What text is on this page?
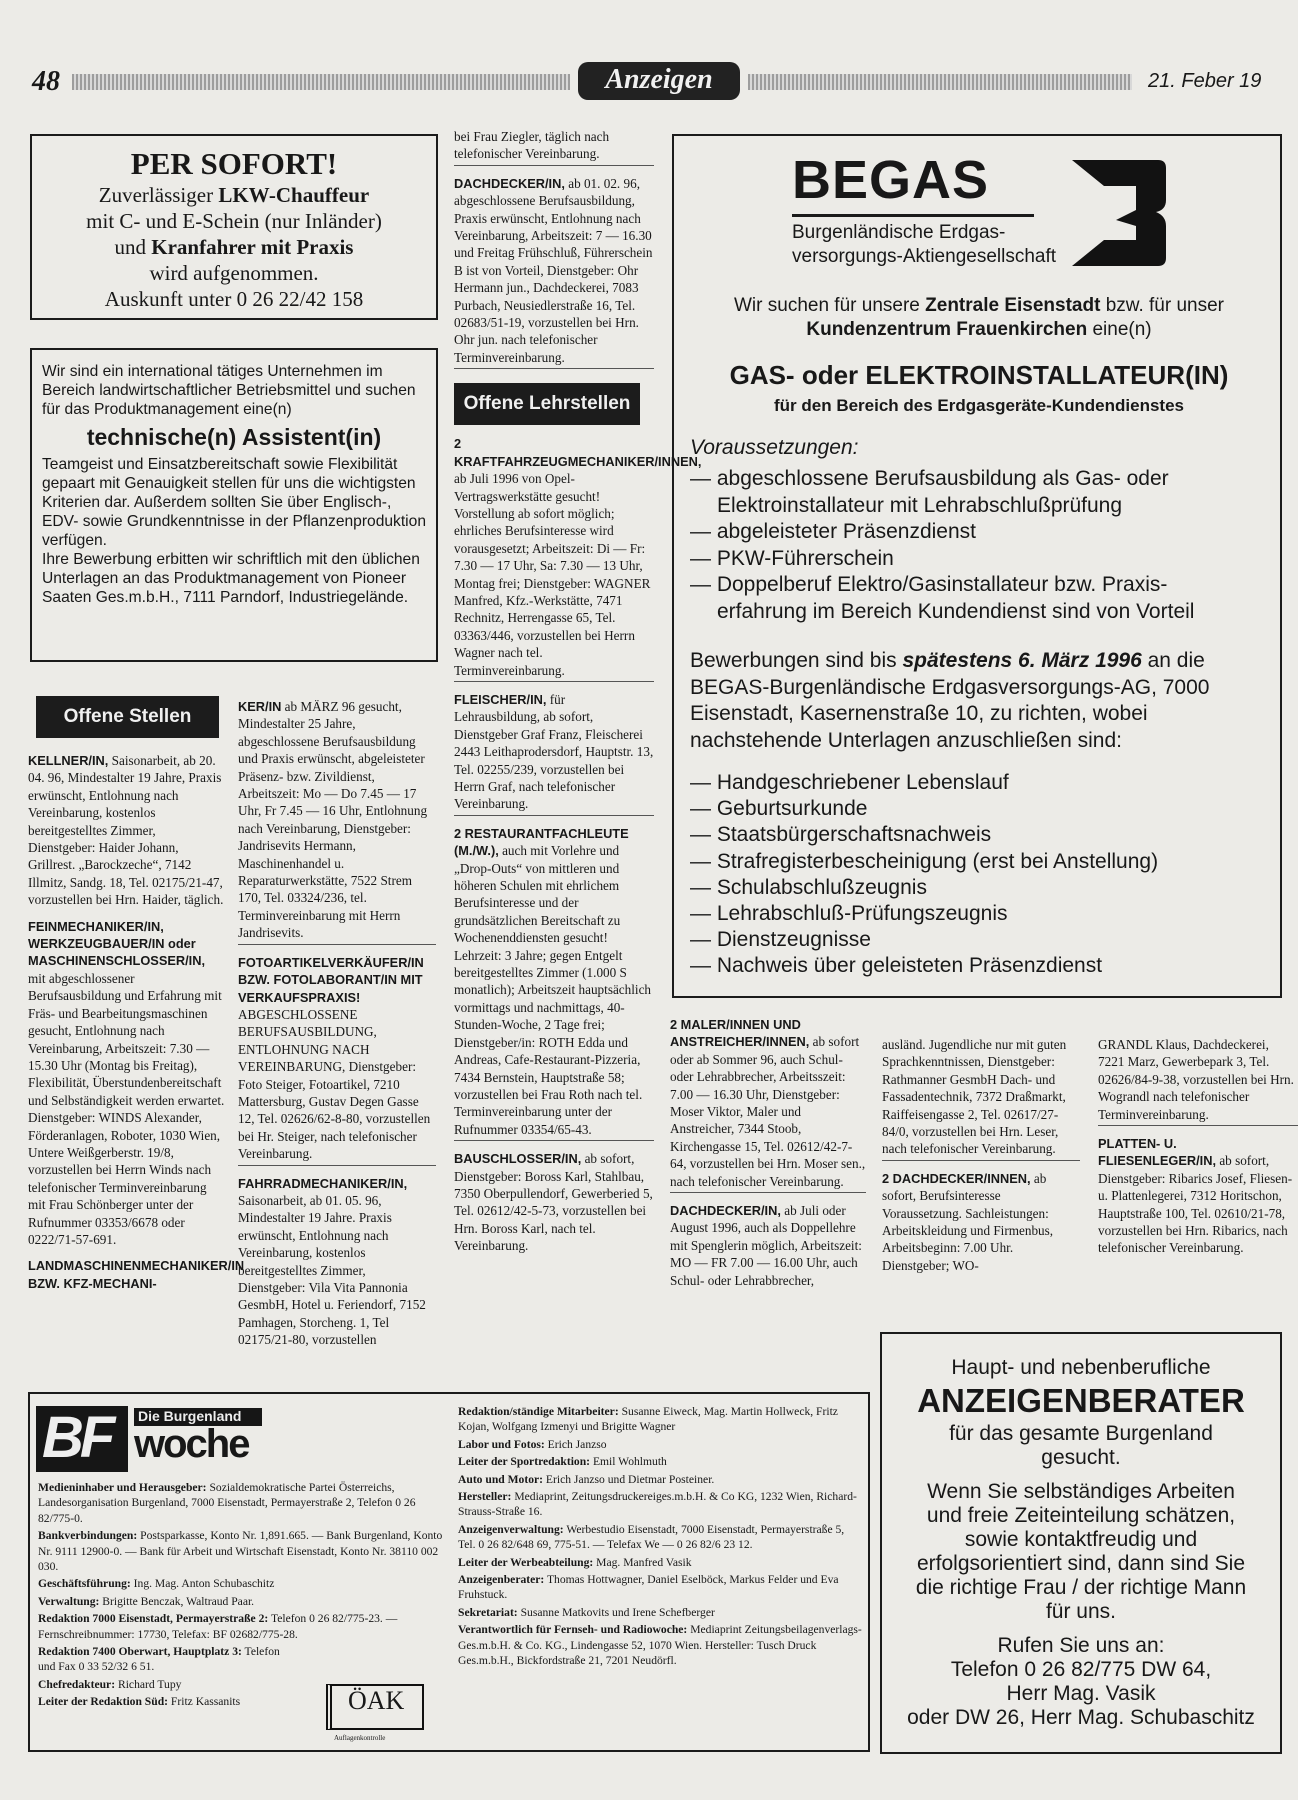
48	Anzeigen	21. Feber 19
PER SOFORT!
Zuverlässiger LKW-Chauffeur
mit C- und E-Schein (nur Inländer)
und Kranfahrer mit Praxis
wird aufgenommen.
Auskunft unter 0 26 22/42 158
Wir sind ein international tätiges Unternehmen im Bereich landwirtschaftlicher Betriebsmittel und suchen für das Produktmanagement eine(n)
technische(n) Assistent(in)
Teamgeist und Einsatzbereitschaft sowie Flexibilität gepaart mit Genauigkeit stellen für uns die wichtigsten Kriterien dar. Außerdem sollten Sie über Englisch-, EDV- sowie Grundkenntnisse in der Pflanzenproduktion verfügen.
Ihre Bewerbung erbitten wir schriftlich mit den üblichen Unterlagen an das Produktmanagement von Pioneer Saaten Ges.m.b.H., 7111 Parndorf, Industriegelände.
Offene Stellen

KELLNER/IN, Saisonarbeit, ab 20. 04. 96, Mindestalter 19 Jahre, Praxis erwünscht, Entlohnung nach Vereinbarung, kostenlos bereitgestelltes Zimmer, Dienstgeber: Haider Johann, Grillrest. „Barockzeche“, 7142 Illmitz, Sandg. 18, Tel. 02175/21-47, vorzustellen bei Hrn. Haider, täglich.

FEINMECHANIKER/IN, WERKZEUGBAUER/IN oder MASCHINENSCHLOSSER/IN, mit abgeschlossener Berufsausbildung und Erfahrung mit Fräs- und Bearbeitungsmaschinen gesucht, Entlohnung nach Vereinbarung, Arbeitszeit: 7.30 — 15.30 Uhr (Montag bis Freitag), Flexibilität, Überstundenbereitschaft und Selbständigkeit werden erwartet. Dienstgeber: WINDS Alexander, Förderanlagen, Roboter, 1030 Wien, Untere Weißgerberstr. 19/8, vorzustellen bei Herrn Winds nach telefonischer Terminvereinbarung mit Frau Schönberger unter der Rufnummer 03353/6678 oder 0222/71-57-691.

LANDMASCHINENMECHANIKER/IN BZW. KFZ-MECHANI-

KER/IN ab MÄRZ 96 gesucht, Mindestalter 25 Jahre, abgeschlossene Berufsausbildung und Praxis erwünscht, abgeleisteter Präsenz- bzw. Zivildienst, Arbeitszeit: Mo — Do 7.45 — 17 Uhr, Fr 7.45 — 16 Uhr, Entlohnung nach Vereinbarung, Dienstgeber: Jandrisevits Hermann, Maschinenhandel u. Reparaturwerkstätte, 7522 Strem 170, Tel. 03324/236, tel. Terminvereinbarung mit Herrn Jandrisevits.

FOTOARTIKELVERKÄUFER/IN BZW. FOTOLABORANT/IN MIT VERKAUFSPRAXIS! ABGESCHLOSSENE BERUFSAUSBILDUNG, ENTLOHNUNG NACH VEREINBARUNG, Dienstgeber: Foto Steiger, Fotoartikel, 7210 Mattersburg, Gustav Degen Gasse 12, Tel. 02626/62-8-80, vorzustellen bei Hr. Steiger, nach telefonischer Vereinbarung.

FAHRRADMECHANIKER/IN, Saisonarbeit, ab 01. 05. 96, Mindestalter 19 Jahre. Praxis erwünscht, Entlohnung nach Vereinbarung, kostenlos bereitgestelltes Zimmer, Dienstgeber: Vila Vita Pannonia GesmbH, Hotel u. Feriendorf, 7152 Pamhagen, Storcheng. 1, Tel 02175/21-80, vorzustellen

bei Frau Ziegler, täglich nach telefonischer Vereinbarung.

DACHDECKER/IN, ab 01. 02. 96, abgeschlossene Berufsausbildung, Praxis erwünscht, Entlohnung nach Vereinbarung, Arbeitszeit: 7 — 16.30 und Freitag Frühschluß, Führerschein B ist von Vorteil, Dienstgeber: Ohr Hermann jun., Dachdeckerei, 7083 Purbach, Neusiedlerstraße 16, Tel. 02683/51-19, vorzustellen bei Hrn. Ohr jun. nach telefonischer Terminvereinbarung.

Offene Lehrstellen

2 KRAFTFAHRZEUGMECHANIKER/INNEN, ab Juli 1996 von Opel-Vertragswerkstätte gesucht! Vorstellung ab sofort möglich; ehrliches Berufsinteresse wird vorausgesetzt; Arbeitszeit: Di — Fr: 7.30 — 17 Uhr, Sa: 7.30 — 13 Uhr, Montag frei; Dienstgeber: WAGNER Manfred, Kfz.-Werkstätte, 7471 Rechnitz, Herrengasse 65, Tel. 03363/446, vorzustellen bei Herrn Wagner nach tel. Terminvereinbarung.

FLEISCHER/IN, für Lehrausbildung, ab sofort, Dienstgeber Graf Franz, Fleischerei 2443 Leithaprodersdorf, Hauptstr. 13, Tel. 02255/239, vorzustellen bei Herrn Graf, nach telefonischer Vereinbarung.

2 RESTAURANTFACHLEUTE (M./W.), auch mit Vorlehre und „Drop-Outs“ von mittleren und höheren Schulen mit ehrlichem Berufsinteresse und der grundsätzlichen Bereitschaft zu Wochenenddiensten gesucht! Lehrzeit: 3 Jahre; gegen Entgelt bereitgestelltes Zimmer (1.000 S monatlich); Arbeitszeit hauptsächlich vormittags und nachmittags, 40-Stunden-Woche, 2 Tage frei; Dienstgeber/in: ROTH Edda und Andreas, Cafe-Restaurant-Pizzeria, 7434 Bernstein, Hauptstraße 58; vorzustellen bei Frau Roth nach tel. Terminvereinbarung unter der Rufnummer 03354/65-43.

BAUSCHLOSSER/IN, ab sofort, Dienstgeber: Boross Karl, Stahlbau, 7350 Oberpullendorf, Gewerberied 5, Tel. 02612/42-5-73, vorzustellen bei Hrn. Boross Karl, nach tel. Vereinbarung.

BEGAS
Burgenländische Erdgas-
versorgungs-Aktiengesellschaft
Wir suchen für unsere Zentrale Eisenstadt bzw. für unser
Kundenzentrum Frauenkirchen eine(n)
GAS- oder ELEKTROINSTALLATEUR(IN)
für den Bereich des Erdgasgeräte-Kundendienstes
Voraussetzungen:
— abgeschlossene Berufsausbildung als Gas- oder
Elektroinstallateur mit Lehrabschlußprüfung
— abgeleisteter Präsenzdienst
— PKW-Führerschein
— Doppelberuf Elektro/Gasinstallateur bzw. Praxis-
erfahrung im Bereich Kundendienst sind von Vorteil
Bewerbungen sind bis spätestens 6. März 1996 an die BEGAS-Burgenländische Erdgasversorgungs-AG, 7000 Eisenstadt, Kasernenstraße 10, zu richten, wobei nachstehende Unterlagen anzuschließen sind:
— Handgeschriebener Lebenslauf
— Geburtsurkunde
— Staatsbürgerschaftsnachweis
— Strafregisterbescheinigung (erst bei Anstellung)
— Schulabschlußzeugnis
— Lehrabschluß-Prüfungszeugnis
— Dienstzeugnisse
— Nachweis über geleisteten Präsenzdienst

2 MALER/INNEN UND ANSTREICHER/INNEN, ab sofort oder ab Sommer 96, auch Schul- oder Lehrabbrecher, Arbeitsszeit: 7.00 — 16.30 Uhr, Dienstgeber: Moser Viktor, Maler und Anstreicher, 7344 Stoob, Kirchengasse 15, Tel. 02612/42-7-64, vorzustellen bei Hrn. Moser sen., nach telefonischer Vereinbarung.

DACHDECKER/IN, ab Juli oder August 1996, auch als Doppellehre mit Spenglerin möglich, Arbeitszeit: MO — FR 7.00 — 16.00 Uhr, auch Schul- oder Lehrabbrecher,

ausländ. Jugendliche nur mit guten Sprachkenntnissen, Dienstgeber: Rathmanner GesmbH Dach- und Fassadentechnik, 7372 Draßmarkt, Raiffeisengasse 2, Tel. 02617/27-84/0, vorzustellen bei Hrn. Leser, nach telefonischer Vereinbarung.

2 DACHDECKER/INNEN, ab sofort, Berufsinteresse Voraussetzung. Sachleistungen: Arbeitskleidung und Firmenbus, Arbeitsbeginn: 7.00 Uhr. Dienstgeber; WO-

GRANDL Klaus, Dachdeckerei, 7221 Marz, Gewerbepark 3, Tel. 02626/84-9-38, vorzustellen bei Hrn. Wograndl nach telefonischer Terminvereinbarung.

PLATTEN- U. FLIESENLEGER/IN, ab sofort, Dienstgeber: Ribarics Josef, Fliesen- u. Plattenlegerei, 7312 Horitschon, Hauptstraße 100, Tel. 02610/21-78, vorzustellen bei Hrn. Ribarics, nach telefonischer Vereinbarung.

BF Die Burgenland
woche

Medieninhaber und Herausgeber: Sozialdemokratische Partei Österreichs, Landesorganisation Burgenland, 7000 Eisenstadt, Permayerstraße 2, Telefon 0 26 82/775-0.

Bankverbindungen: Postsparkasse, Konto Nr. 1,891.665. — Bank Burgenland, Konto Nr. 9111 12900-0. — Bank für Arbeit und Wirtschaft Eisenstadt, Konto Nr. 38110 002 030.

Geschäftsführung: Ing. Mag. Anton Schubaschitz

Verwaltung: Brigitte Benczak, Waltraud Paar.

Redaktion 7000 Eisenstadt, Permayerstraße 2: Telefon 0 26 82/775-23. — Fernschreibnummer: 17730, Telefax: BF 02682/775-28.

Redaktion 7400 Oberwart, Hauptplatz 3: Telefon und Fax 0 33 52/32 6 51.

Chefredakteur: Richard Tupy

Leiter der Redaktion Süd: Fritz Kassanits	ÖAK
Auflagenkontrolle

Redaktion/ständige Mitarbeiter: Susanne Eiweck, Mag. Martin Hollweck, Fritz Kojan, Wolfgang Izmenyi und Brigitte Wagner

Labor und Fotos: Erich Janzso

Leiter der Sportredaktion: Emil Wohlmuth

Auto und Motor: Erich Janzso und Dietmar Posteiner.

Hersteller: Mediaprint, Zeitungsdruckereiges.m.b.H. & Co KG, 1232 Wien, Richard-Strauss-Straße 16.

Anzeigenverwaltung: Werbestudio Eisenstadt, 7000 Eisenstadt, Permayerstraße 5, Tel. 0 26 82/648 69, 775-51. — Telefax We — 0 26 82/6 23 12.

Leiter der Werbeabteilung: Mag. Manfred Vasik

Anzeigenberater: Thomas Hottwagner, Daniel Eselböck, Markus Felder und Eva Fruhstuck.

Sekretariat: Susanne Matkovits und Irene Schefberger

Verantwortlich für Fernseh- und Radiowoche: Mediaprint Zeitungsbeilagenverlags-Ges.m.b.H. & Co. KG., Lindengasse 52, 1070 Wien. Hersteller: Tusch Druck Ges.m.b.H., Bickfordstraße 21, 7201 Neudörfl.

Haupt- und nebenberufliche
ANZEIGENBERATER
für das gesamte Burgenland
gesucht.
Wenn Sie selbständiges Arbeiten
und freie Zeiteinteilung schätzen,
sowie kontaktfreudig und
erfolgsorientiert sind, dann sind Sie
die richtige Frau / der richtige Mann
für uns.
Rufen Sie uns an:
Telefon 0 26 82/775 DW 64,
Herr Mag. Vasik
oder DW 26, Herr Mag. Schubaschitz
